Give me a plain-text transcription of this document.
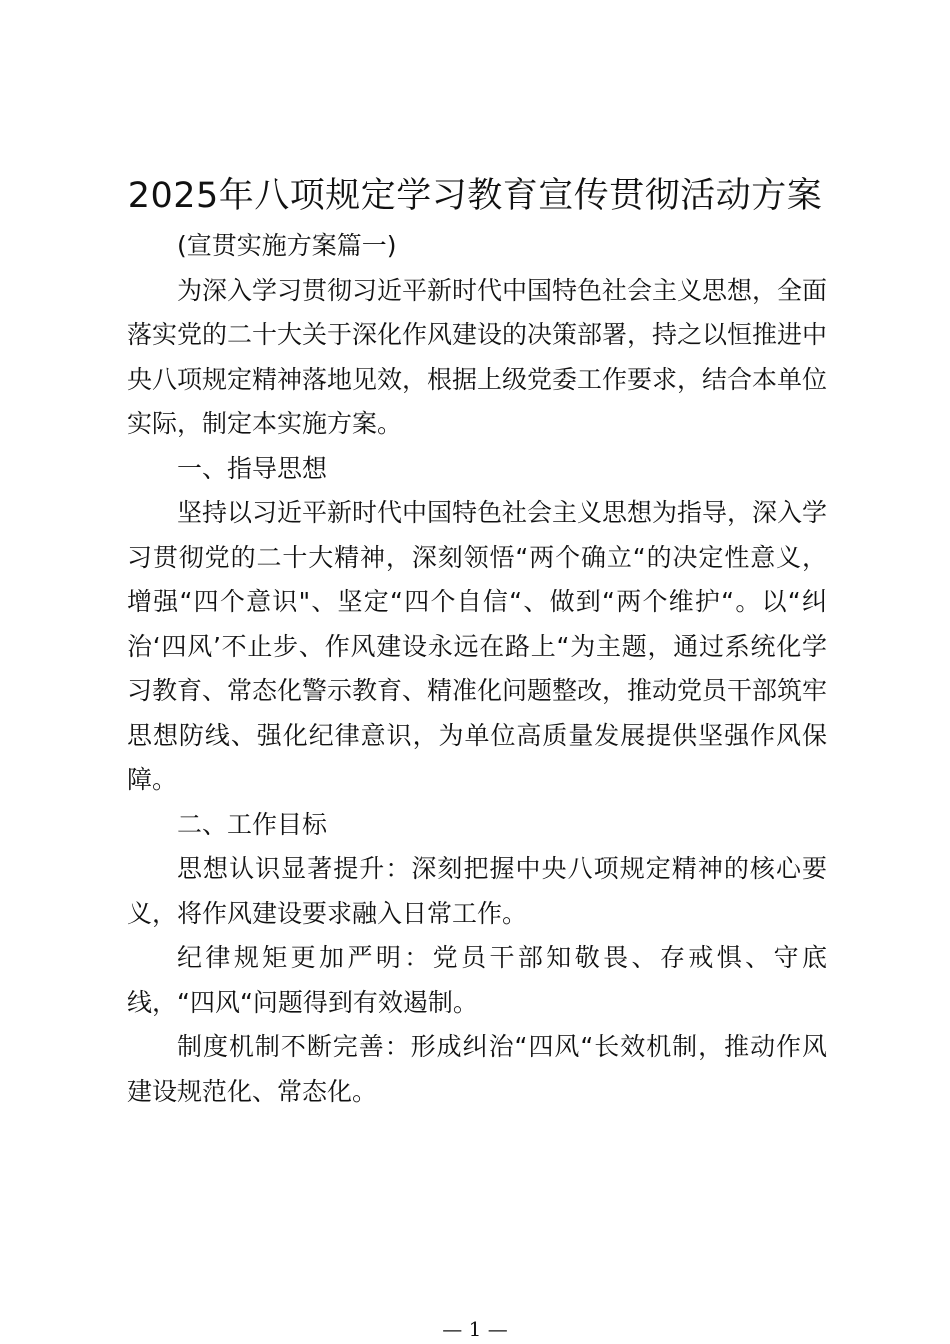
2025年八项规定学习教育宣传贯彻活动方案

(宣贯实施方案篇一)

为深入学习贯彻习近平新时代中国特色社会主义思想，全面落实党的二十大关于深化作风建设的决策部署，持之以恒推进中央八项规定精神落地见效，根据上级党委工作要求，结合本单位实际，制定本实施方案。

一、指导思想

坚持以习近平新时代中国特色社会主义思想为指导，深入学习贯彻党的二十大精神，深刻领悟“两个确立“的决定性意义，增强“四个意识"、坚定“四个自信“、做到“两个维护“。以“纠治‘四风’不止步、作风建设永远在路上“为主题，通过系统化学习教育、常态化警示教育、精准化问题整改，推动党员干部筑牢思想防线、强化纪律意识，为单位高质量发展提供坚强作风保障。

二、工作目标

思想认识显著提升：深刻把握中央八项规定精神的核心要义，将作风建设要求融入日常工作。

纪律规矩更加严明：党员干部知敬畏、存戒惧、守底线，“四风“问题得到有效遏制。

制度机制不断完善：形成纠治“四风“长效机制，推动作风建设规范化、常态化。

— 1 —
